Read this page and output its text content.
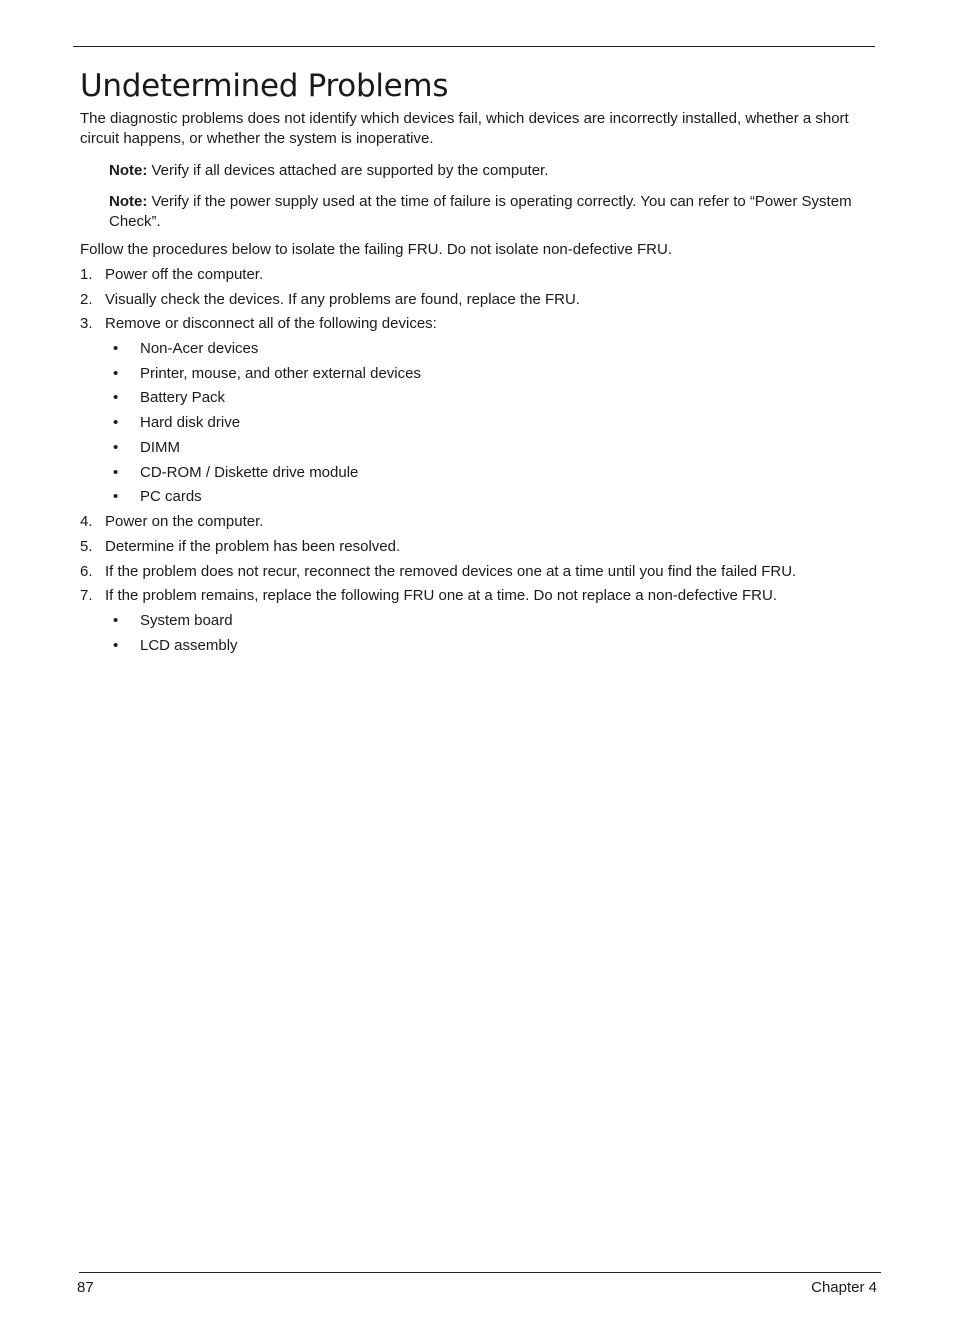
Undetermined Problems

The diagnostic problems does not identify which devices fail, which devices are incorrectly installed, whether a short circuit happens, or whether the system is inoperative.

Note: Verify if all devices attached are supported by the computer.

Note: Verify if the power supply used at the time of failure is operating correctly. You can refer to “Power System Check”.

Follow the procedures below to isolate the failing FRU. Do not isolate non-defective FRU.

1. Power off the computer.
2. Visually check the devices. If any problems are found, replace the FRU.
3. Remove or disconnect all of the following devices:
• Non-Acer devices
• Printer, mouse, and other external devices
• Battery Pack
• Hard disk drive
• DIMM
• CD-ROM / Diskette drive module
• PC cards
4. Power on the computer.
5. Determine if the problem has been resolved.
6. If the problem does not recur, reconnect the removed devices one at a time until you find the failed FRU.
7. If the problem remains, replace the following FRU one at a time. Do not replace a non-defective FRU.
• System board
• LCD assembly
87	Chapter 4
